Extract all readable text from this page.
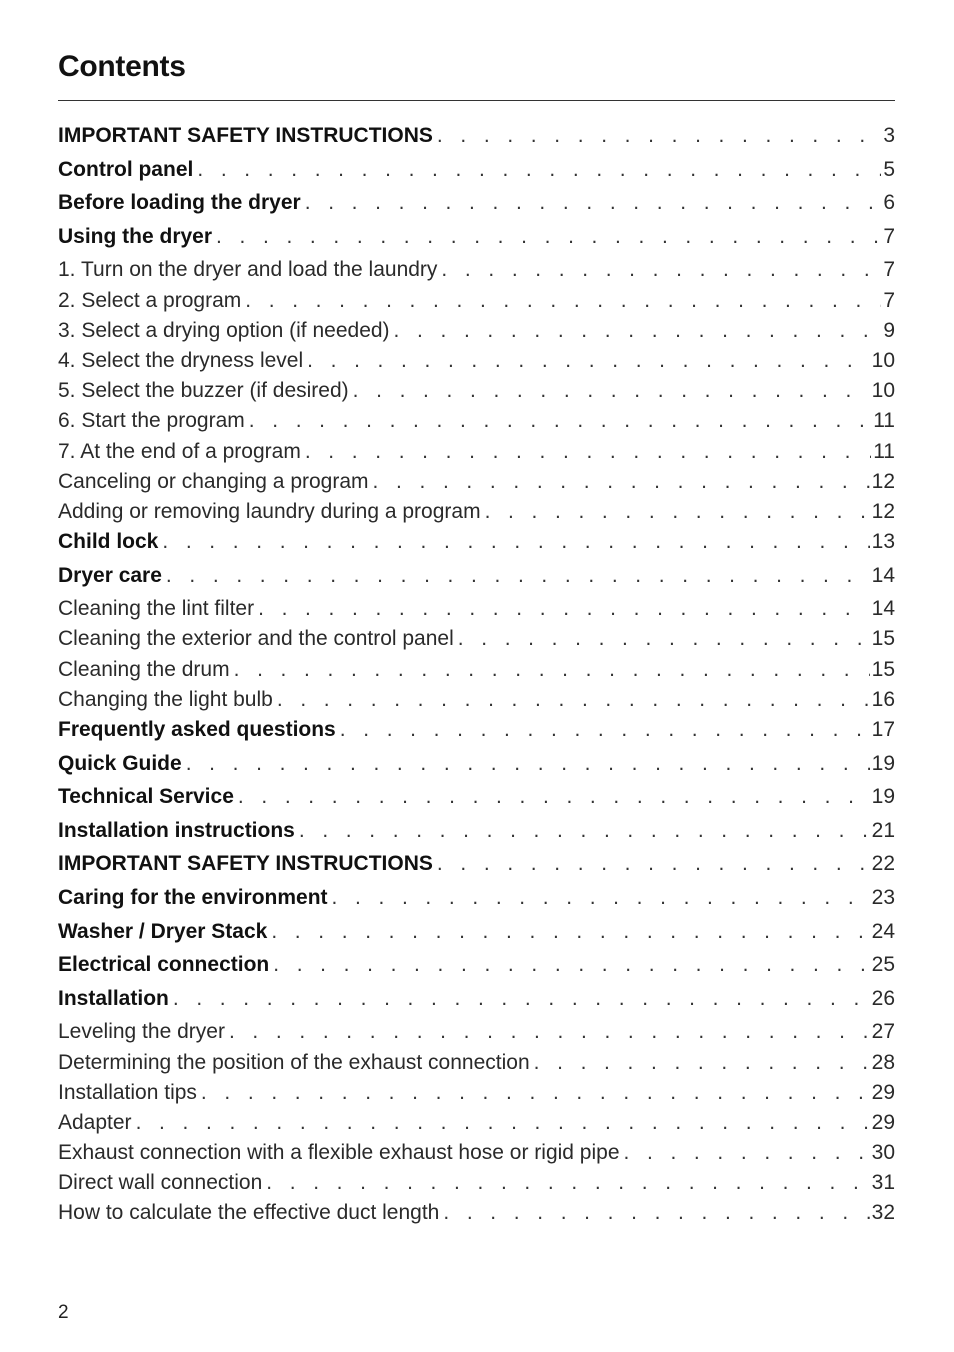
Contents
IMPORTANT SAFETY INSTRUCTIONS . . .	3
Control panel . . .	5
Before loading the dryer . . .	6
Using the dryer . . .	7
1. Turn on the dryer and load the laundry . . .	7
2. Select a program . . .	7
3. Select a drying option (if needed) . . .	9
4. Select the dryness level . . .	10
5. Select the buzzer (if desired) . . .	10
6. Start the program . . .	11
7. At the end of a program . . .	11
Canceling or changing a program . . .	12
Adding or removing laundry during a program . . .	12
Child lock . . .	13
Dryer care . . .	14
Cleaning the lint filter . . .	14
Cleaning the exterior and the control panel . . .	15
Cleaning the drum . . .	15
Changing the light bulb . . .	16
Frequently asked questions . . .	17
Quick Guide . . .	19
Technical Service . . .	19
Installation instructions . . .	21
IMPORTANT SAFETY INSTRUCTIONS . . .	22
Caring for the environment . . .	23
Washer / Dryer Stack . . .	24
Electrical connection . . .	25
Installation . . .	26
Leveling the dryer . . .	27
Determining the position of the exhaust connection . . .	28
Installation tips . . .	29
Adapter . . .	29
Exhaust connection with a flexible exhaust hose or rigid pipe . . .	30
Direct wall connection . . .	31
How to calculate the effective duct length . . .	32
2
